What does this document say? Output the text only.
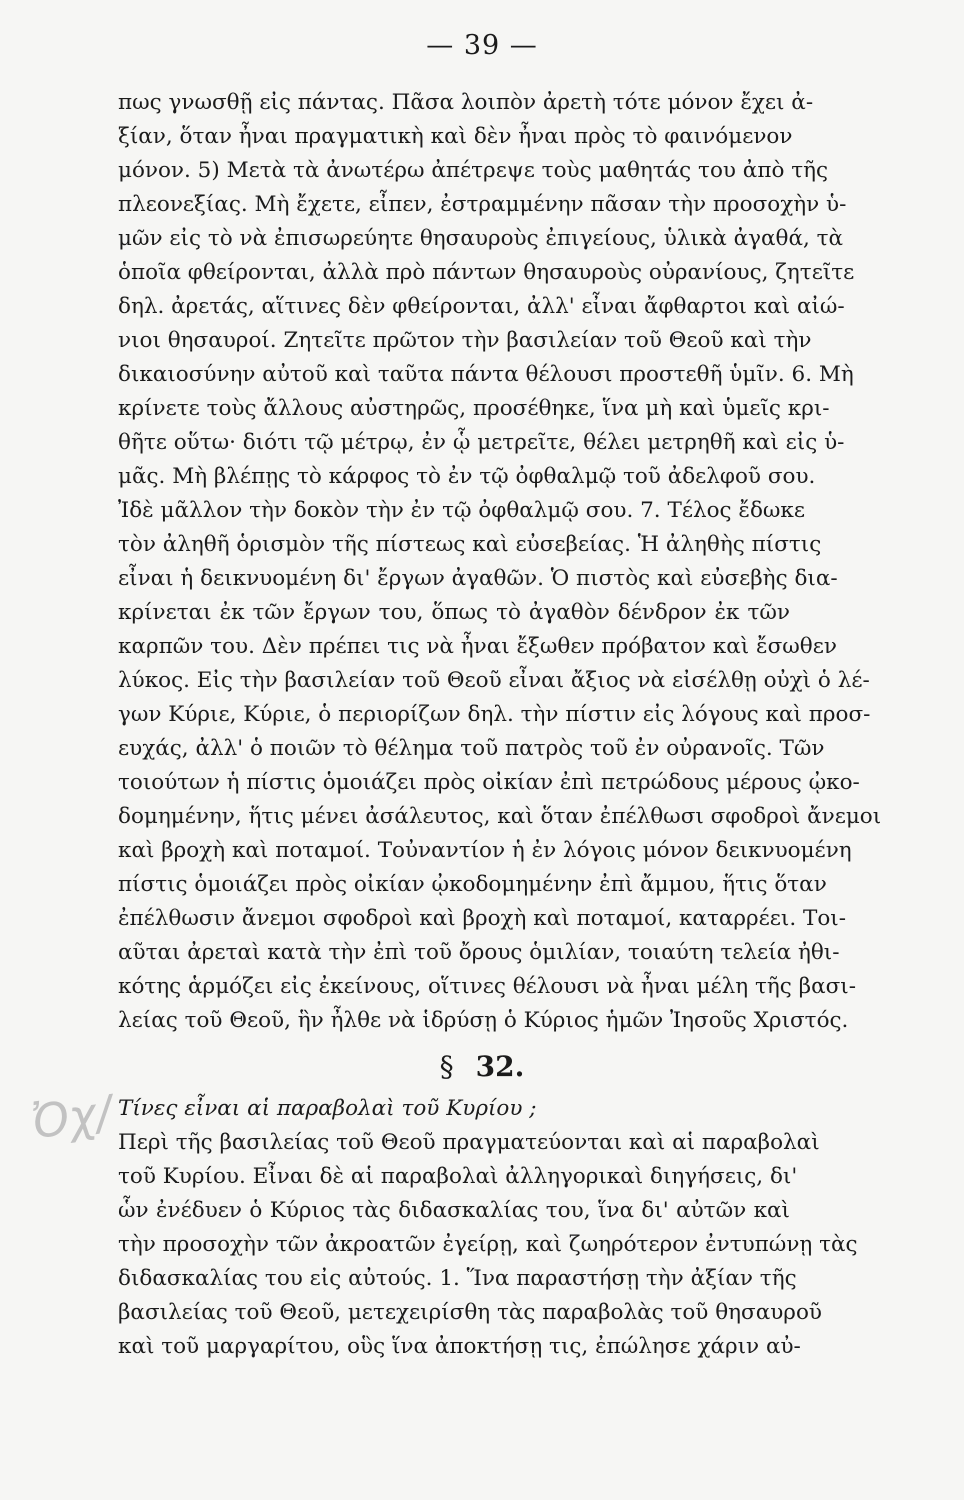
— 39 —
πως γνωσθῇ εἰς πάντας. Πᾶσα λοιπὸν ἀρετὴ τότε μόνον ἔχει ἀ-
ξίαν, ὅταν ἦναι πραγματικὴ καὶ δὲν ἦναι πρὸς τὸ φαινόμενον
μόνον. 5) Μετὰ τὰ ἀνωτέρω ἀπέτρεψε τοὺς μαθητάς του ἀπὸ τῆς
πλεονεξίας. Μὴ ἔχετε, εἶπεν, ἐστραμμένην πᾶσαν τὴν προσοχὴν ὑ-
μῶν εἰς τὸ νὰ ἐπισωρεύητε θησαυροὺς ἐπιγείους, ὑλικὰ ἀγαθά, τὰ
ὁποῖα φθείρονται, ἀλλὰ πρὸ πάντων θησαυροὺς οὐρανίους, ζητεῖτε
δηλ. ἀρετάς, αἵτινες δὲν φθείρονται, ἀλλ' εἶναι ἄφθαρτοι καὶ αἰώ-
νιοι θησαυροί. Ζητεῖτε πρῶτον τὴν βασιλείαν τοῦ Θεοῦ καὶ τὴν
δικαιοσύνην αὐτοῦ καὶ ταῦτα πάντα θέλουσι προστεθῆ ὑμῖν. 6. Μὴ
κρίνετε τοὺς ἄλλους αὐστηρῶς, προσέθηκε, ἵνα μὴ καὶ ὑμεῖς κρι-
θῆτε οὕτω· διότι τῷ μέτρῳ, ἐν ᾧ μετρεῖτε, θέλει μετρηθῆ καὶ εἰς ὑ-
μᾶς. Μὴ βλέπῃς τὸ κάρφος τὸ ἐν τῷ ὀφθαλμῷ τοῦ ἀδελφοῦ σου.
Ἰδὲ μᾶλλον τὴν δοκὸν τὴν ἐν τῷ ὀφθαλμῷ σου. 7. Τέλος ἔδωκε
τὸν ἀληθῆ ὁρισμὸν τῆς πίστεως καὶ εὐσεβείας. Ἡ ἀληθὴς πίστις
εἶναι ἡ δεικνυομένη δι' ἔργων ἀγαθῶν. Ὁ πιστὸς καὶ εὐσεβὴς δια-
κρίνεται ἐκ τῶν ἔργων του, ὅπως τὸ ἀγαθὸν δένδρον ἐκ τῶν
καρπῶν του. Δὲν πρέπει τις νὰ ἦναι ἔξωθεν πρόβατον καὶ ἔσωθεν
λύκος. Εἰς τὴν βασιλείαν τοῦ Θεοῦ εἶναι ἄξιος νὰ εἰσέλθῃ οὐχὶ ὁ λέ-
γων Κύριε, Κύριε, ὁ περιορίζων δηλ. τὴν πίστιν εἰς λόγους καὶ προσ-
ευχάς, ἀλλ' ὁ ποιῶν τὸ θέλημα τοῦ πατρὸς τοῦ ἐν οὐρανοῖς. Τῶν
τοιούτων ἡ πίστις ὁμοιάζει πρὸς οἰκίαν ἐπὶ πετρώδους μέρους ᾠκο-
δομημένην, ἥτις μένει ἀσάλευτος, καὶ ὅταν ἐπέλθωσι σφοδροὶ ἄνεμοι
καὶ βροχὴ καὶ ποταμοί. Τοὐναντίον ἡ ἐν λόγοις μόνον δεικνυομένη
πίστις ὁμοιάζει πρὸς οἰκίαν ᾠκοδομημένην ἐπὶ ἄμμου, ἥτις ὅταν
ἐπέλθωσιν ἄνεμοι σφοδροὶ καὶ βροχὴ καὶ ποταμοί, καταρρέει. Τοι-
αῦται ἀρεταὶ κατὰ τὴν ἐπὶ τοῦ ὄρους ὁμιλίαν, τοιαύτη τελεία ἠθι-
κότης ἁρμόζει εἰς ἐκείνους, οἵτινες θέλουσι νὰ ἦναι μέλη τῆς βασι-
λείας τοῦ Θεοῦ, ἣν ἦλθε νὰ ἱδρύσῃ ὁ Κύριος ἡμῶν Ἰησοῦς Χριστός.
§ 32.
Ὀχ/ Τίνες εἶναι αἱ παραβολαὶ τοῦ Κυρίου ;
Περὶ τῆς βασιλείας τοῦ Θεοῦ πραγματεύονται καὶ αἱ παραβολαὶ
τοῦ Κυρίου. Εἶναι δὲ αἱ παραβολαὶ ἀλληγορικαὶ διηγήσεις, δι'
ὧν ἐνέδυεν ὁ Κύριος τὰς διδασκαλίας του, ἵνα δι' αὐτῶν καὶ
τὴν προσοχὴν τῶν ἀκροατῶν ἐγείρῃ, καὶ ζωηρότερον ἐντυπώνῃ τὰς
διδασκαλίας του εἰς αὐτούς. 1. Ἵνα παραστήσῃ τὴν ἀξίαν τῆς
βασιλείας τοῦ Θεοῦ, μετεχειρίσθη τὰς παραβολὰς τοῦ θησαυροῦ
καὶ τοῦ μαργαρίτου, οὓς ἵνα ἀποκτήσῃ τις, ἐπώλησε χάριν αὐ-
